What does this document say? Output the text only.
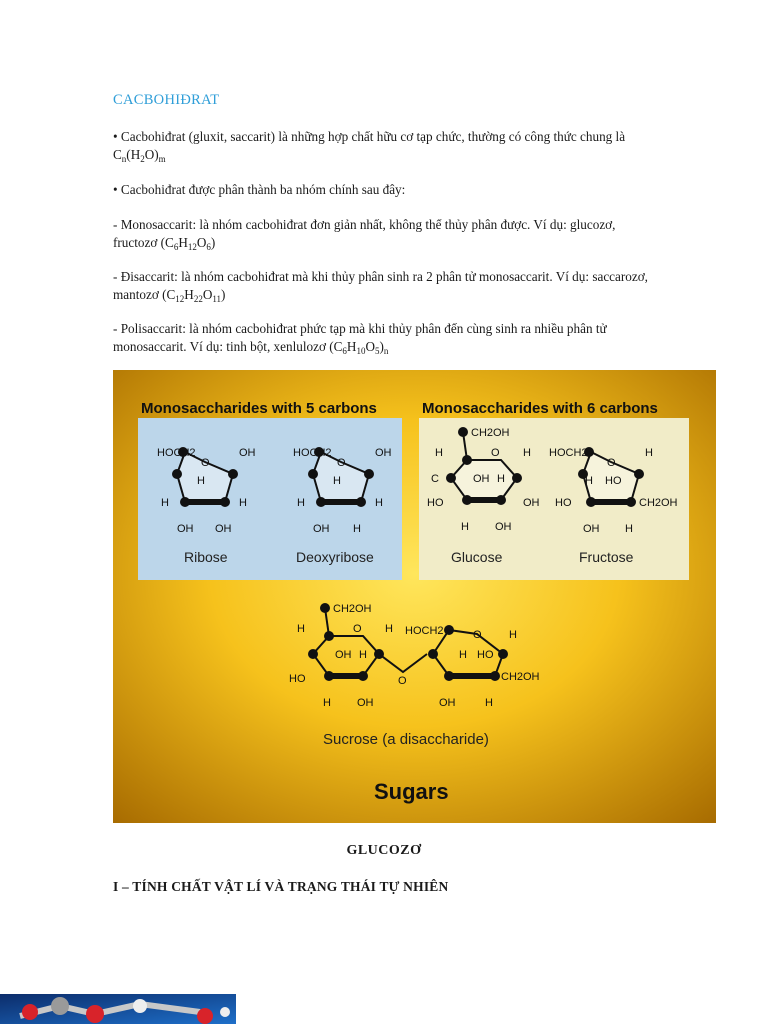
CACBOHIĐRAT
• Cacbohiđrat (gluxit, saccarit) là những hợp chất hữu cơ tạp chức, thường có công thức chung là $C_n(H_2O)_m$
• Cacbohiđrat được phân thành ba nhóm chính sau đây:
- Monosaccarit: là nhóm cacbohiđrat đơn giản nhất, không thể thủy phân được. Ví dụ: glucozơ, fructozơ $(C_6H_{12}O_6)$
- Đisaccarit: là nhóm cacbohiđrat mà khi thủy phân sinh ra 2 phân tử monosaccarit. Ví dụ: saccarozơ, mantozơ $(C_{12}H_{22}O_{11})$
- Polisaccarit: là nhóm cacbohiđrat phức tạp mà khi thủy phân đến cùng sinh ra nhiều phân tử monosaccarit. Ví dụ: tinh bột, xenlulozơ $(C_6H_{10}O_5)_n$
Monosaccharides with 5 carbons	Monosaccharides with 6 carbons
HOCH2
O
OH
H
H	H
OH OH
Ribose
HOCH2
O
OH
H
H	H
OH H
Deoxyribose
CH2OH
H	O H
C	OH H
HO	OH
H OH
Glucose
HOCH2
O
H
H HO
HO	CH2OH
OH H
Fructose
CH2OH
H	O H
OH H
HO
H OH
O
HOCH2	O H
H HO
CH2OH
OH	H
Sucrose (a disaccharide)
Sugars
GLUCOZƠ
I – TÍNH CHẤT VẬT LÍ VÀ TRẠNG THÁI TỰ NHIÊN
